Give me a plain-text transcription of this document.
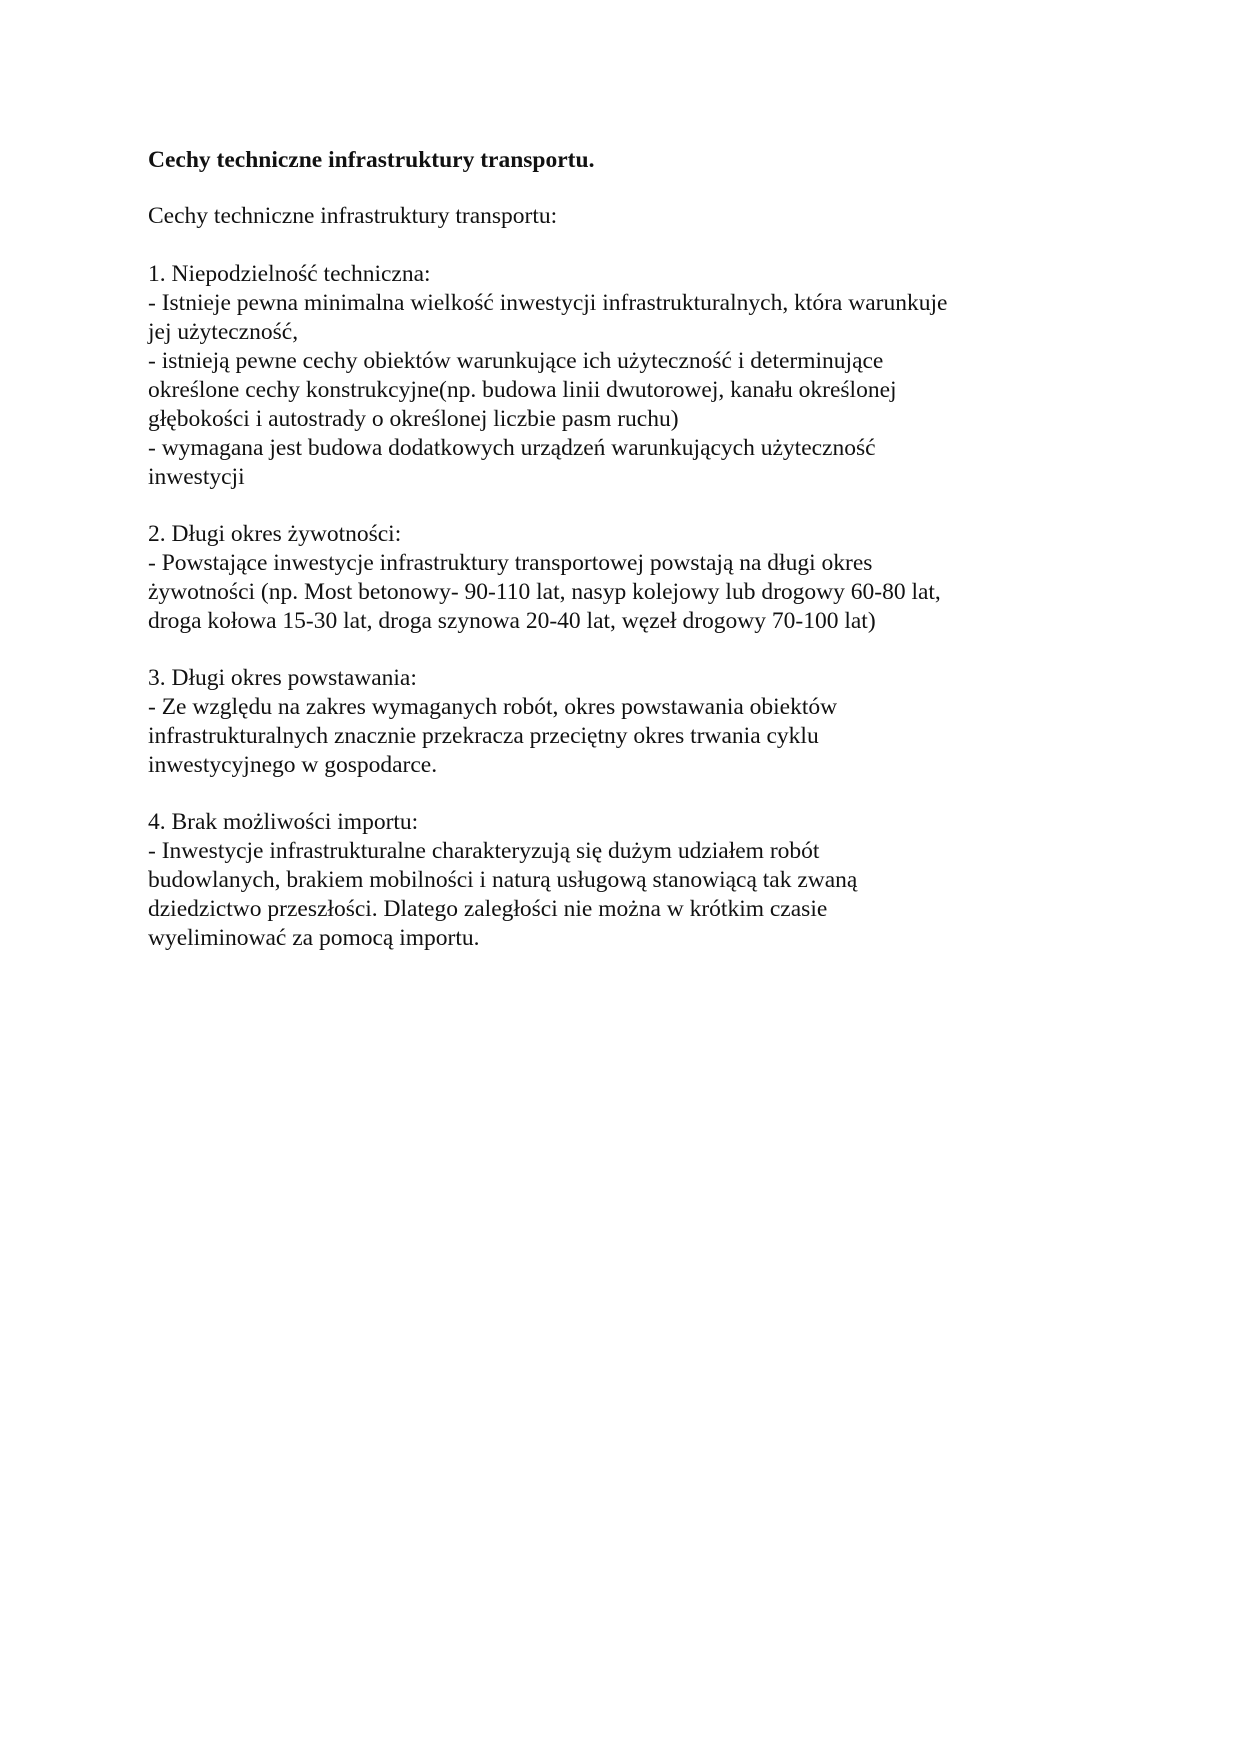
Cechy techniczne infrastruktury transportu.

Cechy techniczne infrastruktury transportu:

1. Niepodzielność techniczna:

- Istnieje pewna minimalna wielkość inwestycji infrastrukturalnych, która warunkuje

jej użyteczność,

- istnieją pewne cechy obiektów warunkujące ich użyteczność i determinujące

określone cechy konstrukcyjne(np. budowa linii dwutorowej, kanału określonej

głębokości i autostrady o określonej liczbie pasm ruchu)

- wymagana jest budowa dodatkowych urządzeń warunkujących użyteczność

inwestycji

2. Długi okres żywotności:

- Powstające inwestycje infrastruktury transportowej powstają na długi okres

żywotności (np. Most betonowy- 90-110 lat, nasyp kolejowy lub drogowy 60-80 lat,

droga kołowa 15-30 lat, droga szynowa 20-40 lat, węzeł drogowy 70-100 lat)

3. Długi okres powstawania:

- Ze względu na zakres wymaganych robót, okres powstawania obiektów

infrastrukturalnych znacznie przekracza przeciętny okres trwania cyklu

inwestycyjnego w gospodarce.

4. Brak możliwości importu:

- Inwestycje infrastrukturalne charakteryzują się dużym udziałem robót

budowlanych, brakiem mobilności i naturą usługową stanowiącą tak zwaną

dziedzictwo przeszłości. Dlatego zaległości nie można w krótkim czasie

wyeliminować za pomocą importu.
